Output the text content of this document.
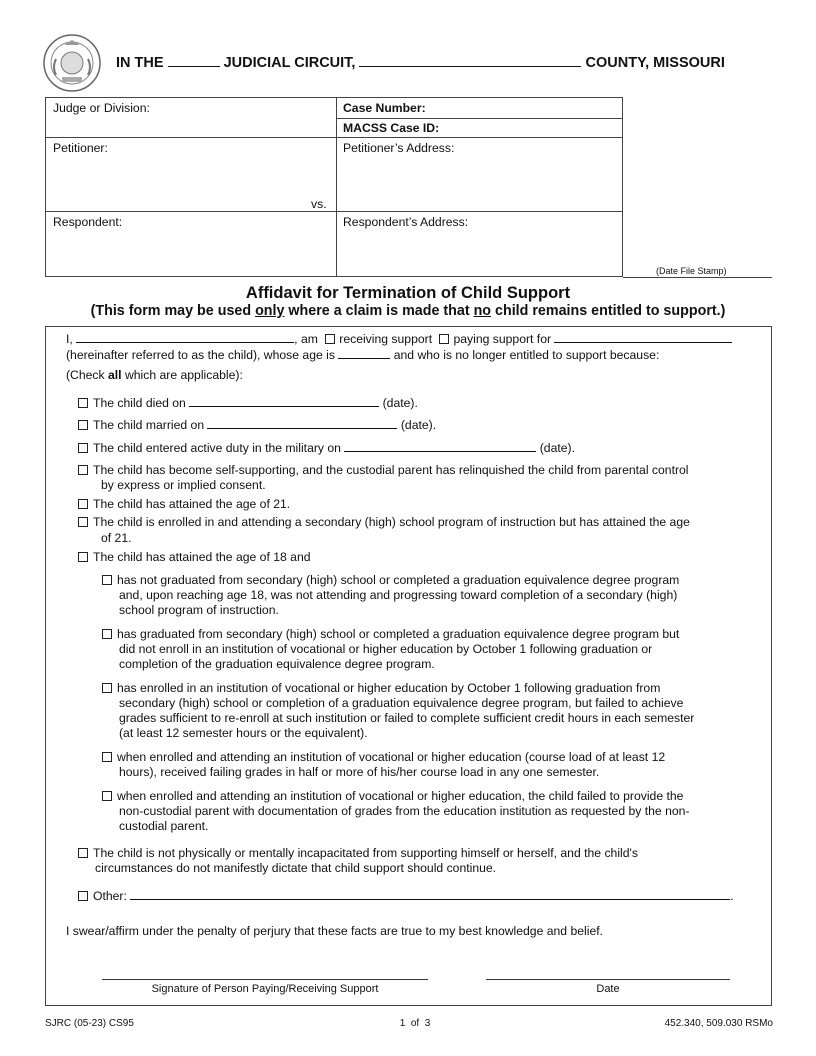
IN THE	JUDICIAL CIRCUIT,	COUNTY, MISSOURI
Judge or Division:	Case Number:
MACSS Case ID:
Petitioner:	Petitioner’s Address:
vs.
Respondent:	Respondent’s Address:
(Date File Stamp)
Affidavit for Termination of Child Support
(This form may be used only where a claim is made that no child remains entitled to support.)
I,	, am receiving support paying support for
(hereinafter referred to as the child), whose age is	and who is no longer entitled to support because:
(Check all which are applicable):
The child died on	(date).
The child married on	(date).
The child entered active duty in the military on	(date).
The child has become self-supporting, and the custodial parent has relinquished the child from parental control
by express or implied consent.
The child has attained the age of 21.
The child is enrolled in and attending a secondary (high) school program of instruction but has attained the age
of 21.
The child has attained the age of 18 and
has not graduated from secondary (high) school or completed a graduation equivalence degree program
and, upon reaching age 18, was not attending and progressing toward completion of a secondary (high)
school program of instruction.
has graduated from secondary (high) school or completed a graduation equivalence degree program but
did not enroll in an institution of vocational or higher education by October 1 following graduation or
completion of the graduation equivalence degree program.
has enrolled in an institution of vocational or higher education by October 1 following graduation from
secondary (high) school or completion of a graduation equivalence degree program, but failed to achieve
grades sufficient to re-enroll at such institution or failed to complete sufficient credit hours in each semester
(at least 12 semester hours or the equivalent).
when enrolled and attending an institution of vocational or higher education (course load of at least 12
hours), received failing grades in half or more of his/her course load in any one semester.
when enrolled and attending an institution of vocational or higher education, the child failed to provide the
non-custodial parent with documentation of grades from the education institution as requested by the non-
custodial parent.
The child is not physically or mentally incapacitated from supporting himself or herself, and the child's
circumstances do not manifestly dictate that child support should continue.
Other:	.
I swear/affirm under the penalty of perjury that these facts are true to my best knowledge and belief.
Signature of Person Paying/Receiving Support	Date
SJRC (05-23) CS95	1  of  3	452.340, 509.030 RSMo
